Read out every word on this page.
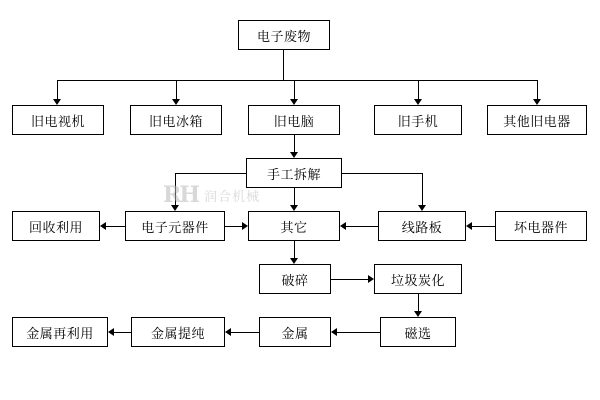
电子废物
旧电视机	旧电冰箱	旧电脑	旧手机	其他旧电器
手工拆解
回收利用	电子元器件	其它	线路板	坏电器件
破碎	垃圾炭化
金属再利用	金属提纯	金属	磁选
RH 润合机械
